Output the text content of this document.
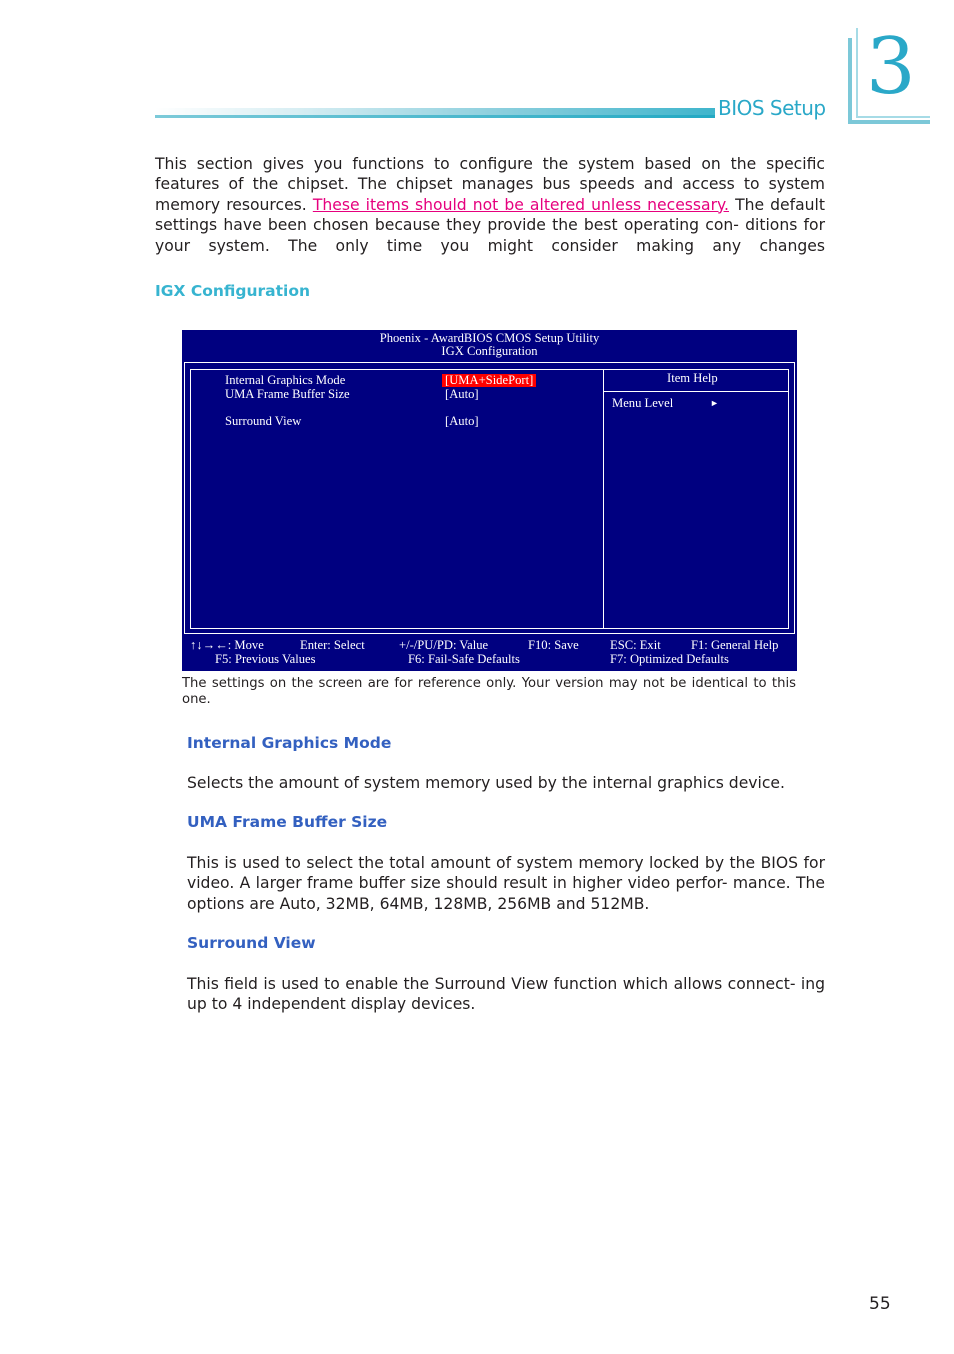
BIOS Setup 3
This section gives you functions to configure the system based on the specific features of the chipset. The chipset manages bus speeds and access to system memory resources. These items should not be altered unless necessary. The default settings have been chosen because they provide the best operating con- ditions for your system. The only time you might consider making any changes
IGX Configuration
Phoenix - AwardBIOS CMOS Setup Utility
IGX Configuration
Internal Graphics Mode	[UMA+SidePort]
UMA Frame Buffer Size	[Auto]
Surround View	[Auto]
Item Help
Menu Level	►
↑↓→←: Move	Enter: Select	+/-/PU/PD: Value	F10: Save ESC: Exit F1: General Help
F5: Previous Values	F6: Fail-Safe Defaults	F7: Optimized Defaults
The settings on the screen are for reference only. Your version may not be identical to this one.
Internal Graphics Mode
Selects the amount of system memory used by the internal graphics device.
UMA Frame Buffer Size
This is used to select the total amount of system memory locked by the BIOS for video. A larger frame buffer size should result in higher video perfor- mance. The options are Auto, 32MB, 64MB, 128MB, 256MB and 512MB.
Surround View
This field is used to enable the Surround View function which allows connect- ing up to 4 independent display devices.
55
